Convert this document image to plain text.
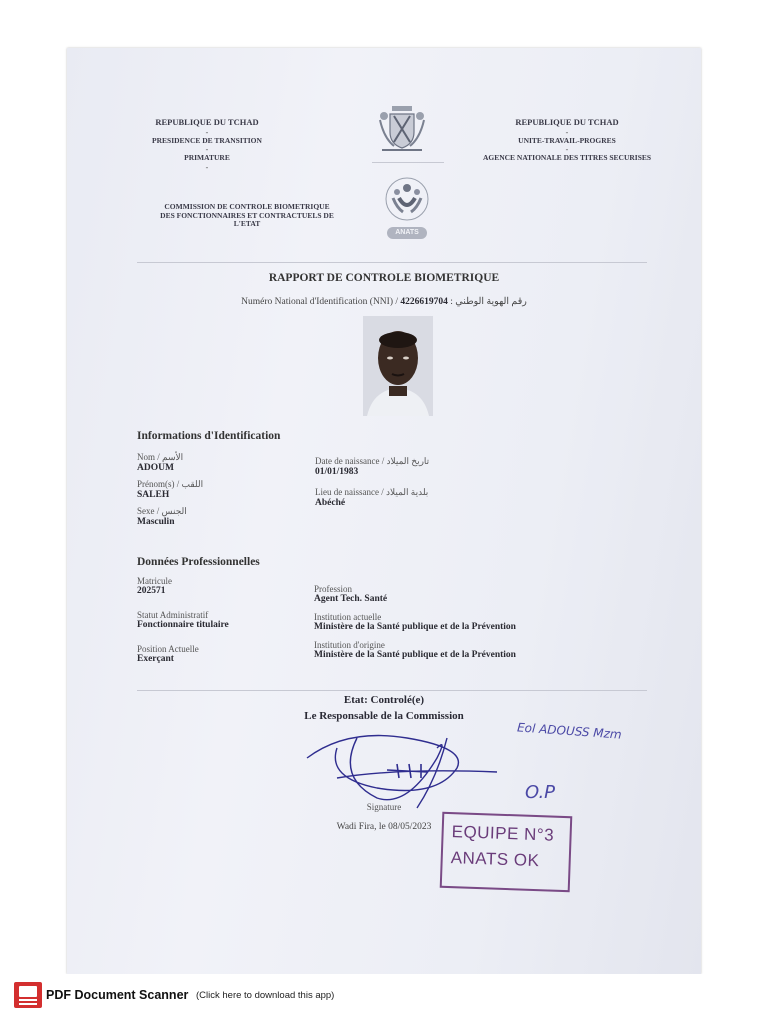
REPUBLIQUE DU TCHAD
-
PRESIDENCE DE TRANSITION
-
PRIMATURE
-
COMMISSION DE CONTROLE BIOMETRIQUE
DES FONCTIONNAIRES ET CONTRACTUELS DE
L'ETAT
ANATS
REPUBLIQUE DU TCHAD
-
UNITE-TRAVAIL-PROGRES
-
AGENCE NATIONALE DES TITRES SECURISES
RAPPORT DE CONTROLE BIOMETRIQUE
Numéro National d'Identification (NNI) / رقم الهوية الوطني : 4226619704
Informations d'Identification
Nom / الأسم
ADOUM
Prénom(s) / اللقب
SALEH
Sexe / الجنس
Masculin
Date de naissance / تاريخ الميلاد
01/01/1983
Lieu de naissance / بلدية الميلاد
Abéché
Données Professionnelles
Matricule
202571
Statut Administratif
Fonctionnaire titulaire
Position Actuelle
Exerçant
Profession
Agent Tech. Santé
Institution actuelle
Ministère de la Santé publique et de la Prévention
Institution d'origine
Ministère de la Santé publique et de la Prévention
Etat: Controlé(e)
Le Responsable de la Commission
Signature
Wadi Fira, le 08/05/2023
Eol ADOUSS Mzm
O.P
EQUIPE N°3
ANATS OK
PDF Document Scanner (Click here to download this app)
